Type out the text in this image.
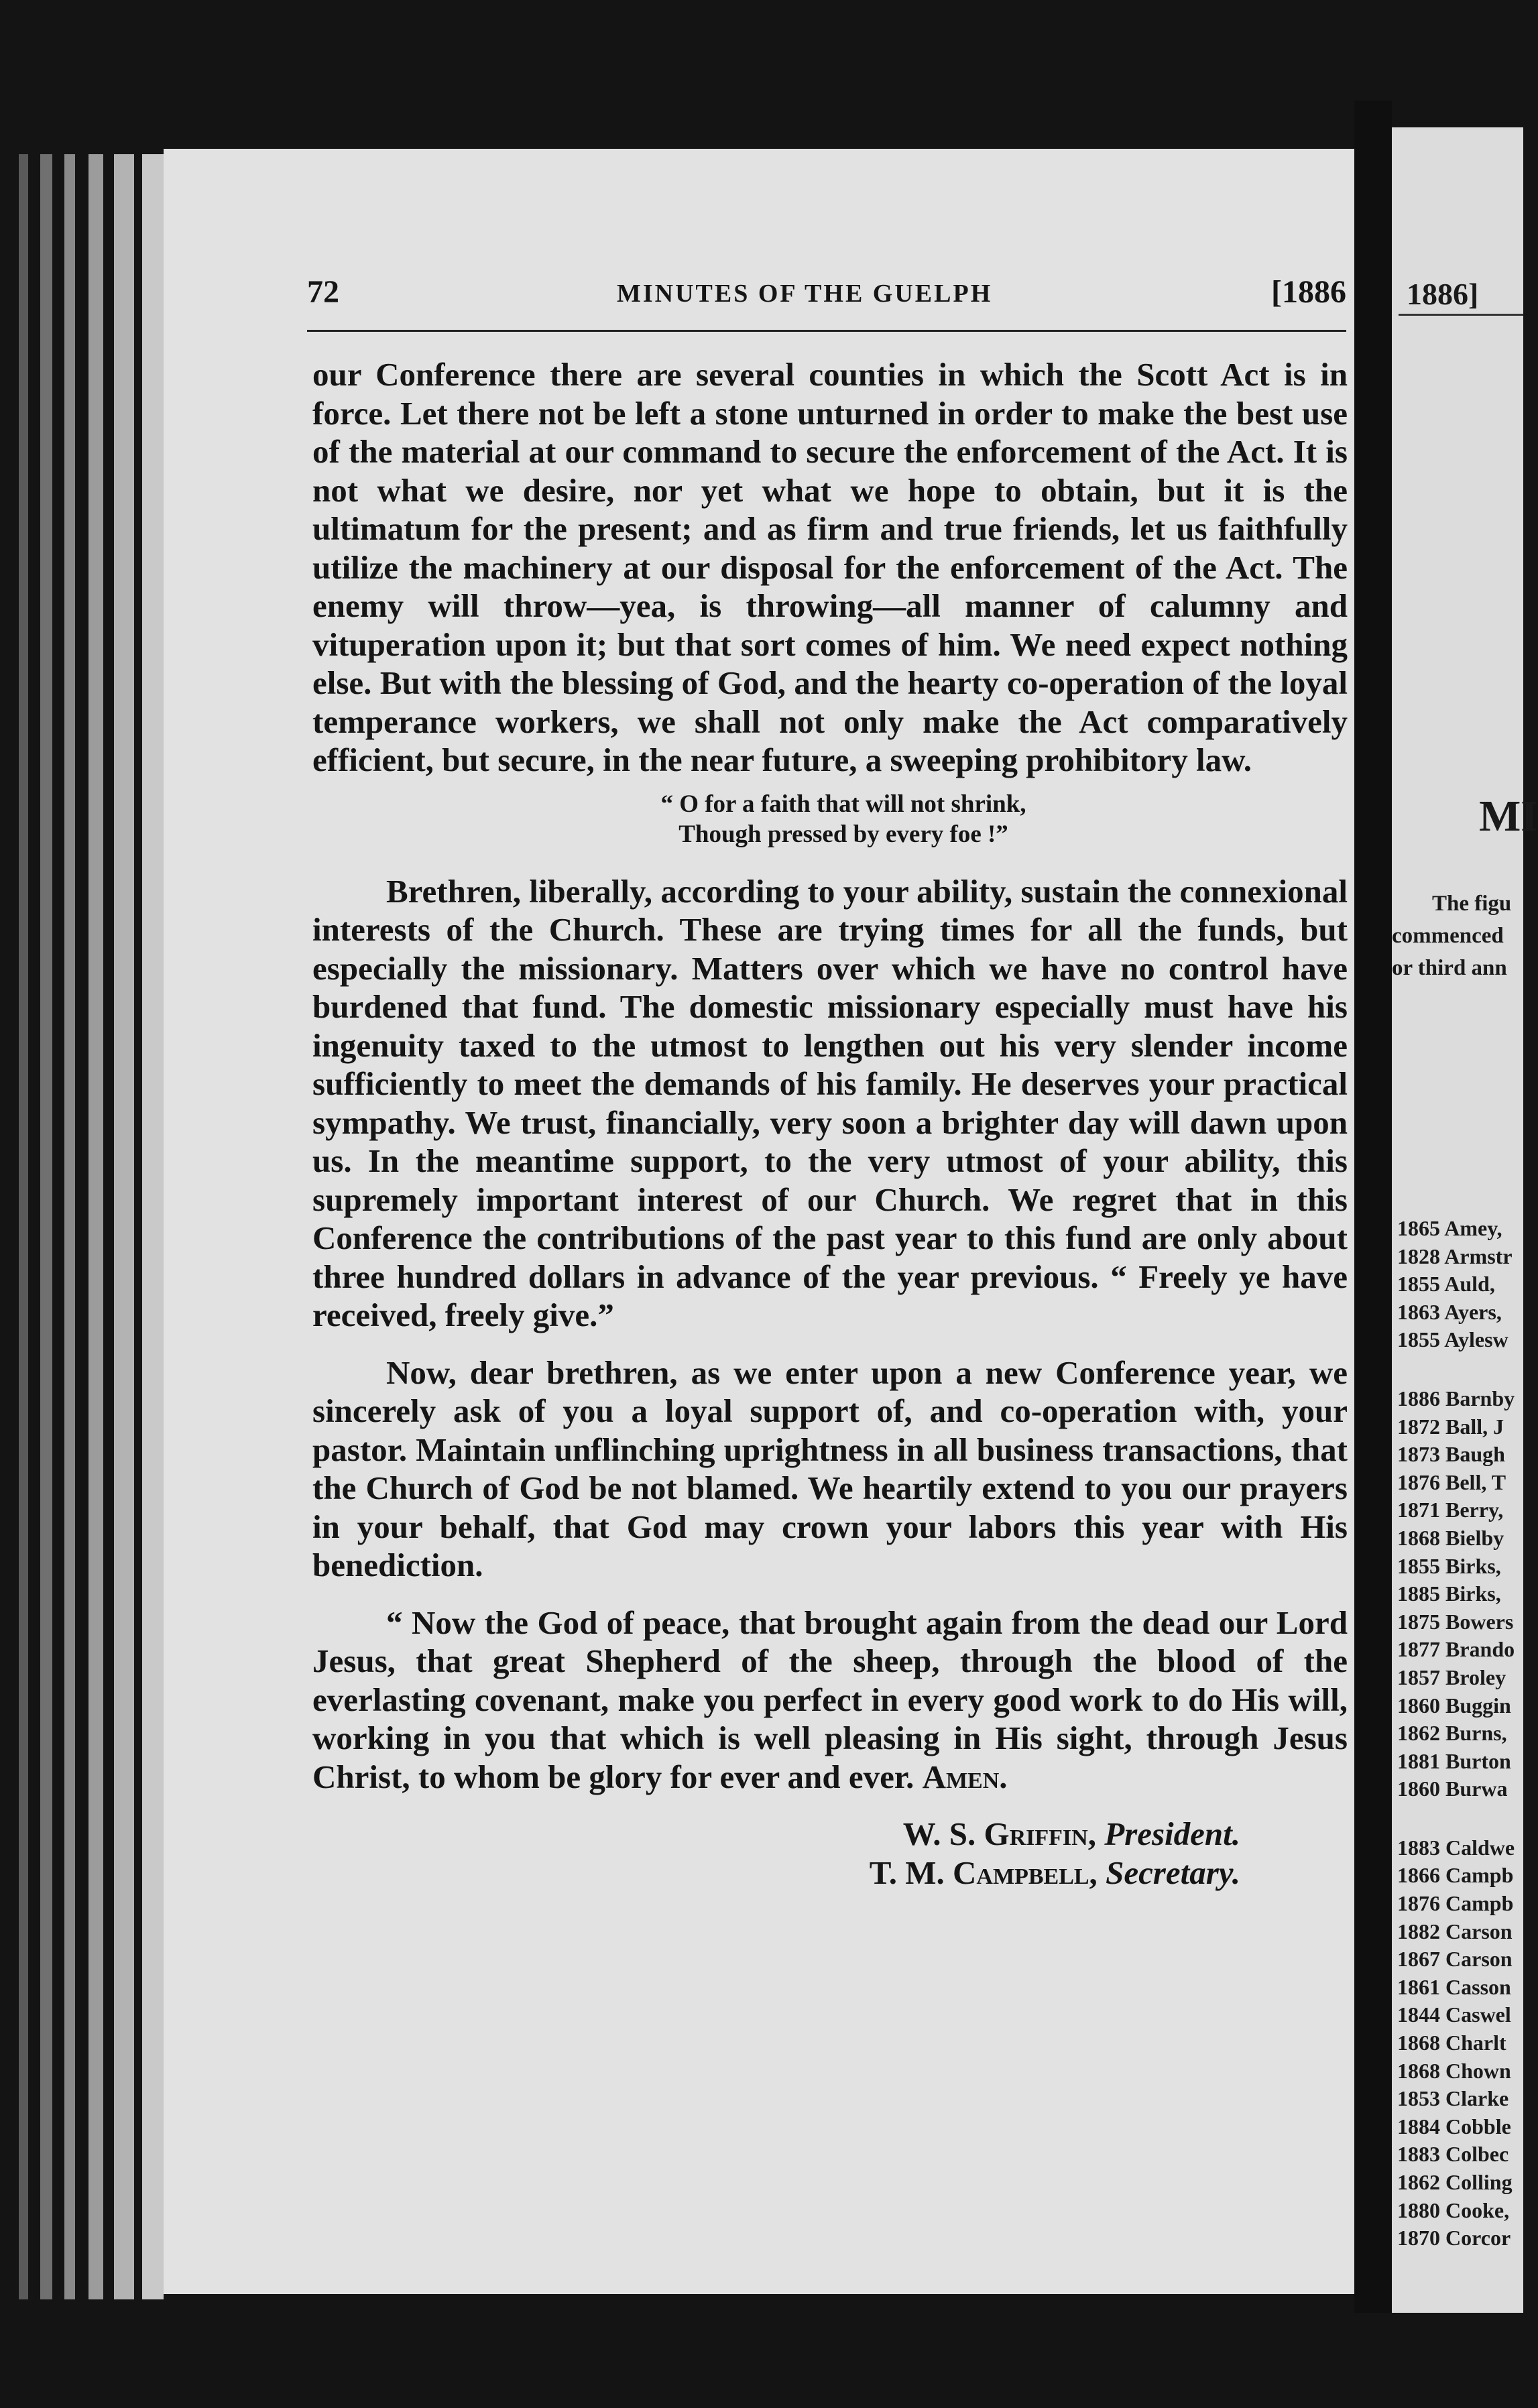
72	MINUTES OF THE GUELPH	[1886

our Conference there are several counties in which the Scott Act is in force. Let there not be left a stone unturned in order to make the best use of the material at our command to secure the enforcement of the Act. It is not what we desire, nor yet what we hope to obtain, but it is the ultimatum for the present; and as firm and true friends, let us faithfully utilize the machinery at our disposal for the enforcement of the Act. The enemy will throw—yea, is throwing—all manner of calumny and vituperation upon it; but that sort comes of him. We need expect nothing else. But with the blessing of God, and the hearty co-operation of the loyal temperance workers, we shall not only make the Act comparatively efficient, but secure, in the near future, a sweeping prohibitory law.

“ O for a faith that will not shrink,
Though pressed by every foe !”

Brethren, liberally, according to your ability, sustain the connexional interests of the Church. These are trying times for all the funds, but especially the missionary. Matters over which we have no control have burdened that fund. The domestic missionary especially must have his ingenuity taxed to the utmost to lengthen out his very slender income sufficiently to meet the demands of his family. He deserves your practical sympathy. We trust, financially, very soon a brighter day will dawn upon us. In the meantime support, to the very utmost of your ability, this supremely important interest of our Church. We regret that in this Conference the contributions of the past year to this fund are only about three hundred dollars in advance of the year previous. “ Freely ye have received, freely give.”

Now, dear brethren, as we enter upon a new Conference year, we sincerely ask of you a loyal support of, and co-operation with, your pastor. Maintain unflinching uprightness in all business transactions, that the Church of God be not blamed. We heartily extend to you our prayers in your behalf, that God may crown your labors this year with His benediction.

“ Now the God of peace, that brought again from the dead our Lord Jesus, that great Shepherd of the sheep, through the blood of the everlasting covenant, make you perfect in every good work to do His will, working in you that which is well pleasing in His sight, through Jesus Christ, to whom be glory for ever and ever. Amen.

W. S. Griffin, President.

T. M. Campbell, Secretary.

1886]
MI
The figu
commenced
or third ann
1865 Amey,
1828 Armstr
1855 Auld,
1863 Ayers,
1855 Aylesw
1886 Barnby
1872 Ball, J
1873 Baugh
1876 Bell, T
1871 Berry,
1868 Bielby
1855 Birks,
1885 Birks,
1875 Bowers
1877 Brando
1857 Broley
1860 Buggin
1862 Burns,
1881 Burton
1860 Burwa
1883 Caldwe
1866 Campb
1876 Campb
1882 Carson
1867 Carson
1861 Casson
1844 Caswel
1868 Charlt
1868 Chown
1853 Clarke
1884 Cobble
1883 Colbec
1862 Colling
1880 Cooke,
1870 Corcor
